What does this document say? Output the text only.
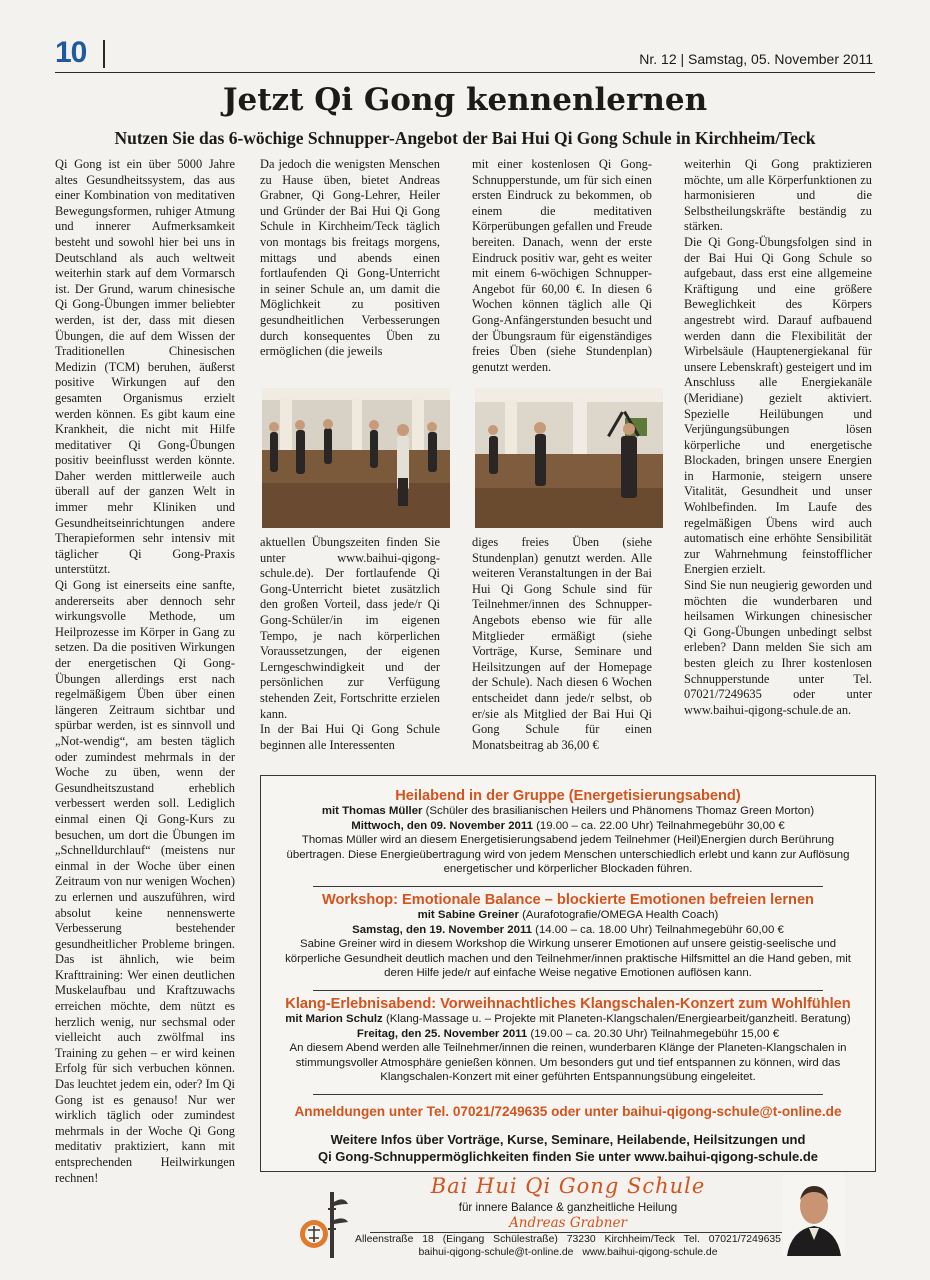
10	Nr. 12 | Samstag, 05. November 2011
Jetzt Qi Gong kennenlernen
Nutzen Sie das 6-wöchige Schnupper-Angebot der Bai Hui Qi Gong Schule in Kirchheim/Teck

Qi Gong ist ein über 5000 Jahre altes Gesundheitssystem, das aus einer Kombination von meditativen Bewegungsformen, ruhiger Atmung und innerer Aufmerksamkeit besteht und sowohl hier bei uns in Deutschland als auch weltweit weiterhin stark auf dem Vormarsch ist. Der Grund, warum chinesische Qi Gong-Übungen immer beliebter werden, ist der, dass mit diesen Übungen, die auf dem Wissen der Traditionellen Chinesischen Medizin (TCM) beruhen, äußerst positive Wirkungen auf den gesamten Organismus erzielt werden können. Es gibt kaum eine Krankheit, die nicht mit Hilfe meditativer Qi Gong-Übungen positiv beeinflusst werden könnte. Daher werden mittlerweile auch überall auf der ganzen Welt in immer mehr Kliniken und Gesundheitseinrichtungen andere Therapieformen sehr intensiv mit täglicher Qi Gong-Praxis unterstützt.

Qi Gong ist einerseits eine sanfte, andererseits aber dennoch sehr wirkungsvolle Methode, um Heilprozesse im Körper in Gang zu setzen. Da die positiven Wirkungen der energetischen Qi Gong-Übungen allerdings erst nach regelmäßigem Üben über einen längeren Zeitraum sichtbar und spürbar werden, ist es sinnvoll und „Not-wendig“, am besten täglich oder zumindest mehrmals in der Woche zu üben, wenn der Gesundheitszustand erheblich verbessert werden soll. Lediglich einmal einen Qi Gong-Kurs zu besuchen, um dort die Übungen im „Schnelldurchlauf“ (meistens nur einmal in der Woche über einen Zeitraum von nur wenigen Wochen) zu erlernen und auszuführen, wird absolut keine nennenswerte Verbesserung bestehender gesundheitlicher Probleme bringen. Das ist ähnlich, wie beim Krafttraining: Wer einen deutlichen Muskelaufbau und Kraftzuwachs erreichen möchte, dem nützt es herzlich wenig, nur sechsmal oder vielleicht auch zwölfmal ins Training zu gehen – er wird keinen Erfolg für sich verbuchen können. Das leuchtet jedem ein, oder? Im Qi Gong ist es genauso! Nur wer wirklich täglich oder zumindest mehrmals in der Woche Qi Gong meditativ praktiziert, kann mit entsprechenden Heilwirkungen rechnen!

Da jedoch die wenigsten Menschen zu Hause üben, bietet Andreas Grabner, Qi Gong-Lehrer, Heiler und Gründer der Bai Hui Qi Gong Schule in Kirchheim/Teck täglich von montags bis freitags morgens, mittags und abends einen fortlaufenden Qi Gong-Unterricht in seiner Schule an, um damit die Möglichkeit zu positiven gesundheitlichen Verbesserungen durch konsequentes Üben zu ermöglichen (die jeweils

mit einer kostenlosen Qi Gong-Schnupperstunde, um für sich einen ersten Eindruck zu bekommen, ob einem die meditativen Körperübungen gefallen und Freude bereiten. Danach, wenn der erste Eindruck positiv war, geht es weiter mit einem 6-wöchigen Schnupper-Angebot für 60,00 €. In diesen 6 Wochen können täglich alle Qi Gong-Anfängerstunden besucht und der Übungsraum für eigenständiges freies Üben (siehe Stundenplan) genutzt werden.

aktuellen Übungszeiten finden Sie unter www.baihui-qigong-schule.de). Der fortlaufende Qi Gong-Unterricht bietet zusätzlich den großen Vorteil, dass jede/r Qi Gong-Schüler/in im eigenen Tempo, je nach körperlichen Voraussetzungen, der eigenen Lerngeschwindigkeit und der persönlichen zur Verfügung stehenden Zeit, Fortschritte erzielen kann.

In der Bai Hui Qi Gong Schule beginnen alle Interessenten

diges freies Üben (siehe Stundenplan) genutzt werden. Alle weiteren Veranstaltungen in der Bai Hui Qi Gong Schule sind für Teilnehmer/innen des Schnupper-Angebots ebenso wie für alle Mitglieder ermäßigt (siehe Vorträge, Kurse, Seminare und Heilsitzungen auf der Homepage der Schule). Nach diesen 6 Wochen entscheidet dann jede/r selbst, ob er/sie als Mitglied der Bai Hui Qi Gong Schule für einen Monatsbeitrag ab 36,00 €

weiterhin Qi Gong praktizieren möchte, um alle Körperfunktionen zu harmonisieren und die Selbstheilungskräfte beständig zu stärken.

Die Qi Gong-Übungsfolgen sind in der Bai Hui Qi Gong Schule so aufgebaut, dass erst eine allgemeine Kräftigung und eine größere Beweglichkeit des Körpers angestrebt wird. Darauf aufbauend werden dann die Flexibilität der Wirbelsäule (Hauptenergiekanal für unsere Lebenskraft) gesteigert und im Anschluss alle Energiekanäle (Meridiane) gezielt aktiviert. Spezielle Heilübungen und Verjüngungsübungen lösen körperliche und energetische Blockaden, bringen unsere Energien in Harmonie, steigern unsere Vitalität, Gesundheit und unser Wohlbefinden. Im Laufe des regelmäßigen Übens wird auch automatisch eine erhöhte Sensibilität zur Wahrnehmung feinstofflicher Energien erzielt.

Sind Sie nun neugierig geworden und möchten die wunderbaren und heilsamen Wirkungen chinesischer Qi Gong-Übungen unbedingt selbst erleben? Dann melden Sie sich am besten gleich zu Ihrer kostenlosen Schnupperstunde unter Tel. 07021/7249635 oder unter www.baihui-qigong-schule.de an.

Heilabend in der Gruppe (Energetisierungsabend)
mit Thomas Müller (Schüler des brasilianischen Heilers und Phänomens Thomaz Green Morton)
Mittwoch, den 09. November 2011 (19.00 – ca. 22.00 Uhr) Teilnahmegebühr 30,00 €
Thomas Müller wird an diesem Energetisierungsabend jedem Teilnehmer (Heil)Energien durch Berührung übertragen. Diese Energieübertragung wird von jedem Menschen unterschiedlich erlebt und kann zur Auflösung energetischer und körperlicher Blockaden führen.
Workshop: Emotionale Balance – blockierte Emotionen befreien lernen
mit Sabine Greiner (Aurafotografie/OMEGA Health Coach)
Samstag, den 19. November 2011 (14.00 – ca. 18.00 Uhr) Teilnahmegebühr 60,00 €
Sabine Greiner wird in diesem Workshop die Wirkung unserer Emotionen auf unsere geistig-seelische und körperliche Gesundheit deutlich machen und den Teilnehmer/innen praktische Hilfsmittel an die Hand geben, mit deren Hilfe jede/r auf einfache Weise negative Emotionen auflösen kann.
Klang-Erlebnisabend: Vorweihnachtliches Klangschalen-Konzert zum Wohlfühlen
mit Marion Schulz (Klang-Massage u. – Projekte mit Planeten-Klangschalen/Energiearbeit/ganzheitl. Beratung)
Freitag, den 25. November 2011 (19.00 – ca. 20.30 Uhr) Teilnahmegebühr 15,00 €
An diesem Abend werden alle Teilnehmer/innen die reinen, wunderbaren Klänge der Planeten-Klangschalen in stimmungsvoller Atmosphäre genießen können. Um besonders gut und tief entspannen zu können, wird das Klangschalen-Konzert mit einer geführten Entspannungsübung eingeleitet.
Anmeldungen unter Tel. 07021/7249635 oder unter baihui-qigong-schule@t-online.de
Weitere Infos über Vorträge, Kurse, Seminare, Heilabende, Heilsitzungen und
Qi Gong-Schnuppermöglichkeiten finden Sie unter www.baihui-qigong-schule.de
Bai Hui Qi Gong Schule
für innere Balance & ganzheitliche Heilung
Andreas Grabner
Alleenstraße 18 (Eingang Schülestraße) 73230 Kirchheim/Teck Tel. 07021/7249635
baihui-qigong-schule@t-online.de www.baihui-qigong-schule.de
